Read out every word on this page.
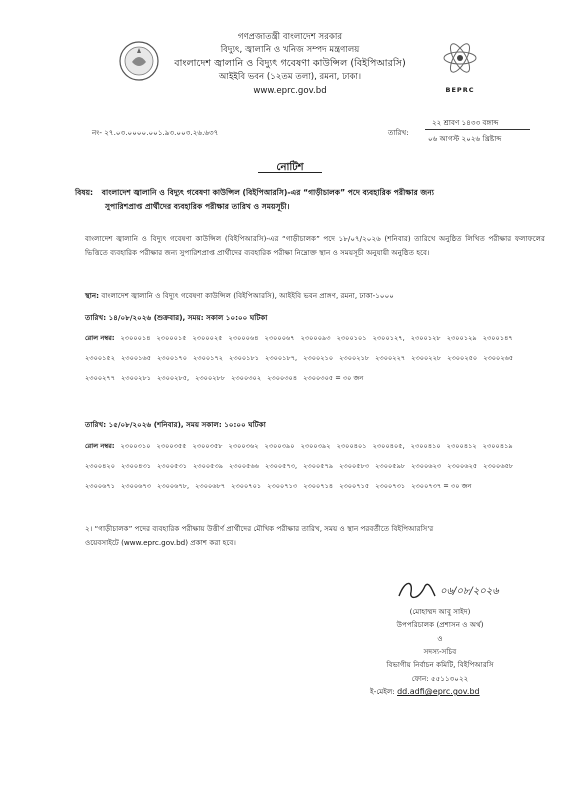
BEPRC
গণপ্রজাতন্ত্রী বাংলাদেশ সরকার
বিদ্যুৎ, জ্বালানি ও খনিজ সম্পদ মন্ত্রণালয়
বাংলাদেশ জ্বালানি ও বিদ্যুৎ গবেষণা কাউন্সিল (বিইপিআরসি)
আইইবি ভবন (১২তম তলা), রমনা, ঢাকা।
www.eprc.gov.bd
নং- ২৭.০৩.০০০০.০০১.৯৩.০০৩.২৬.৬৩৭	তারিখ:
২২ শ্রাবণ ১৪৩৩ বঙ্গাব্দ
০৬ আগস্ট ২০২৬ খ্রিষ্টাব্দ
নোটিশ
বিষয়: বাংলাদেশ জ্বালানি ও বিদ্যুৎ গবেষণা কাউন্সিল (বিইপিআরসি)-এর “গাড়ীচালক” পদে ব্যবহারিক পরীক্ষার জন্য
সুপারিশপ্রাপ্ত প্রার্থীদের ব্যবহারিক পরীক্ষার তারিখ ও সময়সূচী।
বাংলাদেশ জ্বালানি ও বিদ্যুৎ গবেষণা কাউন্সিল (বিইপিআরসি)-এর “গাড়ীচালক” পদে ১৮/০৭/২০২৬ (শনিবার) তারিখে অনুষ্ঠিত লিখিত পরীক্ষার ফলাফলের ভিত্তিতে ব্যবহারিক পরীক্ষার জন্য সুপারিশপ্রাপ্ত প্রার্থীদের ব্যবহারিক পরীক্ষা নিম্নোক্ত স্থান ও সময়সূচী অনুযায়ী অনুষ্ঠিত হবে।
স্থান: বাংলাদেশ জ্বালানি ও বিদ্যুৎ গবেষণা কাউন্সিল (বিইপিআরসি), আইইবি ভবন প্রাঙ্গণ, রমনা, ঢাকা-১০০০
তারিখ: ১৪/০৮/২০২৬ (শুক্রবার), সময়: সকাল ১০:০০ ঘটিকা
রোল নম্বর: ২৩০০০১৪ ২৩০০০১৫ ২৩০০০২৫ ২৩০০০৬৪ ২৩০০০৬৭ ২৩০০০৯৩ ২৩০০১০১ ২৩০০১২৭, ২৩০০১২৮ ২৩০০১২৯ ২৩০০১৪৭
২৩০০১৫২ ২৩০০১৬৫ ২৩০০১৭০ ২৩০০১৭২ ২৩০০১৮১ ২৩০০১৮৭, ২৩০০২১০ ২৩০০২১৮ ২৩০০২২৭ ২৩০০২২৮ ২৩০০২৫০ ২৩০০২৬৫
২৩০০২৭৭ ২৩০০২৮১ ২৩০০২৮৫, ২৩০০২৮৮ ২৩০০৩০২ ২৩০০৩০৪ ২৩০০৩০৫ = ৩০ জন
তারিখ: ১৫/০৮/২০২৬ (শনিবার), সময় সকাল: ১০:০০ ঘটিকা
রোল নম্বর: ২৩০০৩১০ ২৩০০৩৫৫ ২৩০০৩৫৮ ২৩০০৩৬২ ২৩০০৩৯০ ২৩০০৩৯২ ২৩০০৪০১ ২৩০০৪০৫, ২৩০০৪১০ ২৩০০৪১২ ২৩০০৪১৯
২৩০০৪২০ ২৩০০৪৩১ ২৩০০৫৩১ ২৩০০৫৩৯ ২৩০০৫৬৬ ২৩০০৫৭৩, ২৩০০৫৭৯ ২৩০০৫৮৩ ২৩০০৫৯৮ ২৩০০৬২৩ ২৩০০৬২৫ ২৩০০৬৫৮
২৩০০৬৭১ ২৩০০৬৭৩ ২৩০০৬৭৮, ২৩০০৬৮৭ ২৩০০৭০১ ২৩০০৭১৩ ২৩০০৭১৪ ২৩০০৭১৫ ২৩০০৭৩১ ২৩০০৭৩৭ = ৩০ জন
২। “গাড়ীচালক” পদের ব্যবহারিক পরীক্ষায় উত্তীর্ণ প্রার্থীদের মৌখিক পরীক্ষার তারিখ, সময় ও স্থান পরবর্তীতে বিইপিআরসি'র
ওয়েবসাইটে (www.eprc.gov.bd) প্রকাশ করা হবে।
০৬/০৮/২০২৬
(মোহাম্মদ আবু সাইদ)
উপপরিচালক (প্রশাসন ও অর্থ)
ও
সদস্য-সচিব
বিভাগীয় নির্বাচন কমিটি, বিইপিআরসি
ফোন: ৫৫১১৩০২২
ই-মেইল: dd.adfi@eprc.gov.bd
